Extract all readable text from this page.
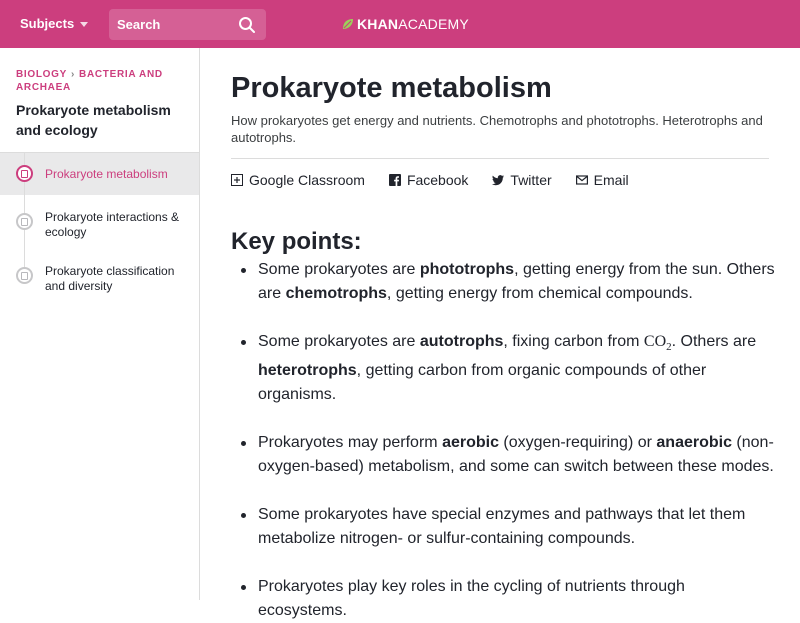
Subjects
Search	KHANACADEMY
BIOLOGY › BACTERIA AND ARCHAEA
Prokaryote metabolism and ecology
Prokaryote metabolism
Prokaryote interactions & ecology
Prokaryote classification and diversity
Prokaryote metabolism

How prokaryotes get energy and nutrients. Chemotrophs and phototrophs. Heterotrophs and autotrophs.

Google Classroom	Facebook	Twitter	Email
Key points:
Some prokaryotes are phototrophs, getting energy from the sun. Others are chemotrophs, getting energy from chemical compounds.
Some prokaryotes are autotrophs, fixing carbon from $CO_2$. Others are heterotrophs, getting carbon from organic compounds of other organisms.
Prokaryotes may perform aerobic (oxygen-requiring) or anaerobic (non-oxygen-based) metabolism, and some can switch between these modes.
Some prokaryotes have special enzymes and pathways that let them metabolize nitrogen- or sulfur-containing compounds.
Prokaryotes play key roles in the cycling of nutrients through ecosystems.
